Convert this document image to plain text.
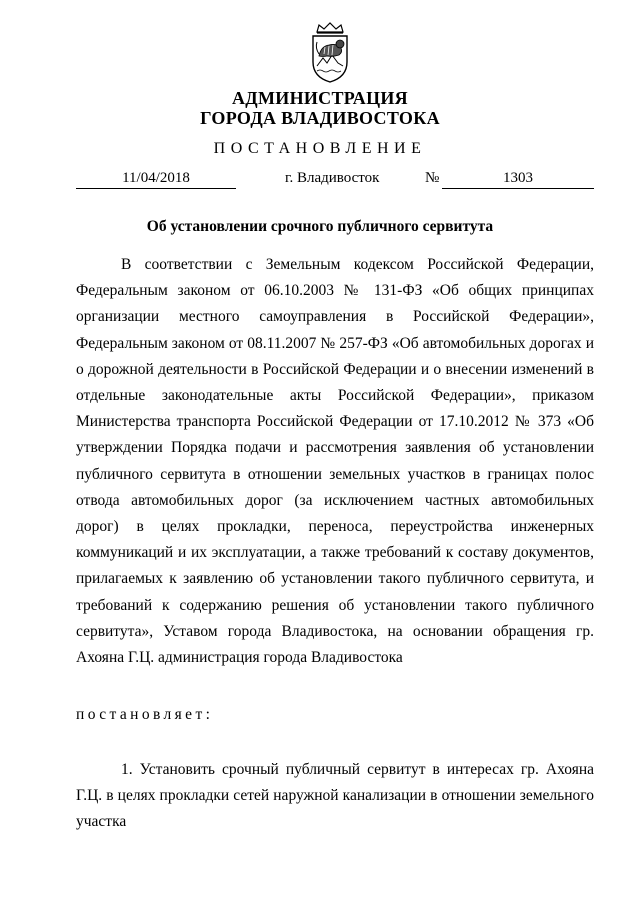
АДМИНИСТРАЦИЯ
ГОРОДА ВЛАДИВОСТОКА
ПОСТАНОВЛЕНИЕ
11/04/2018	г. Владивосток	№	1303
Об установлении срочного публичного сервитута

В соответствии с Земельным кодексом Российской Федерации, Федеральным законом от 06.10.2003 № 131-ФЗ «Об общих принципах организации местного самоуправления в Российской Федерации», Федеральным законом от 08.11.2007 № 257-ФЗ «Об автомобильных дорогах и о дорожной деятельности в Российской Федерации и о внесении изменений в отдельные законодательные акты Российской Федерации», приказом Министерства транспорта Российской Федерации от 17.10.2012 № 373 «Об утверждении Порядка подачи и рассмотрения заявления об установлении публичного сервитута в отношении земельных участков в границах полос отвода автомобильных дорог (за исключением частных автомобильных дорог) в целях прокладки, переноса, переустройства инженерных коммуникаций и их эксплуатации, а также требований к составу документов, прилагаемых к заявлению об установлении такого публичного сервитута, и требований к содержанию решения об установлении такого публичного сервитута», Уставом города Владивостока, на основании обращения гр. Ахояна Г.Ц. администрация города Владивостока

постановляет:

1. Установить срочный публичный сервитут в интересах гр. Ахояна Г.Ц. в целях прокладки сетей наружной канализации в отношении земельного участка
